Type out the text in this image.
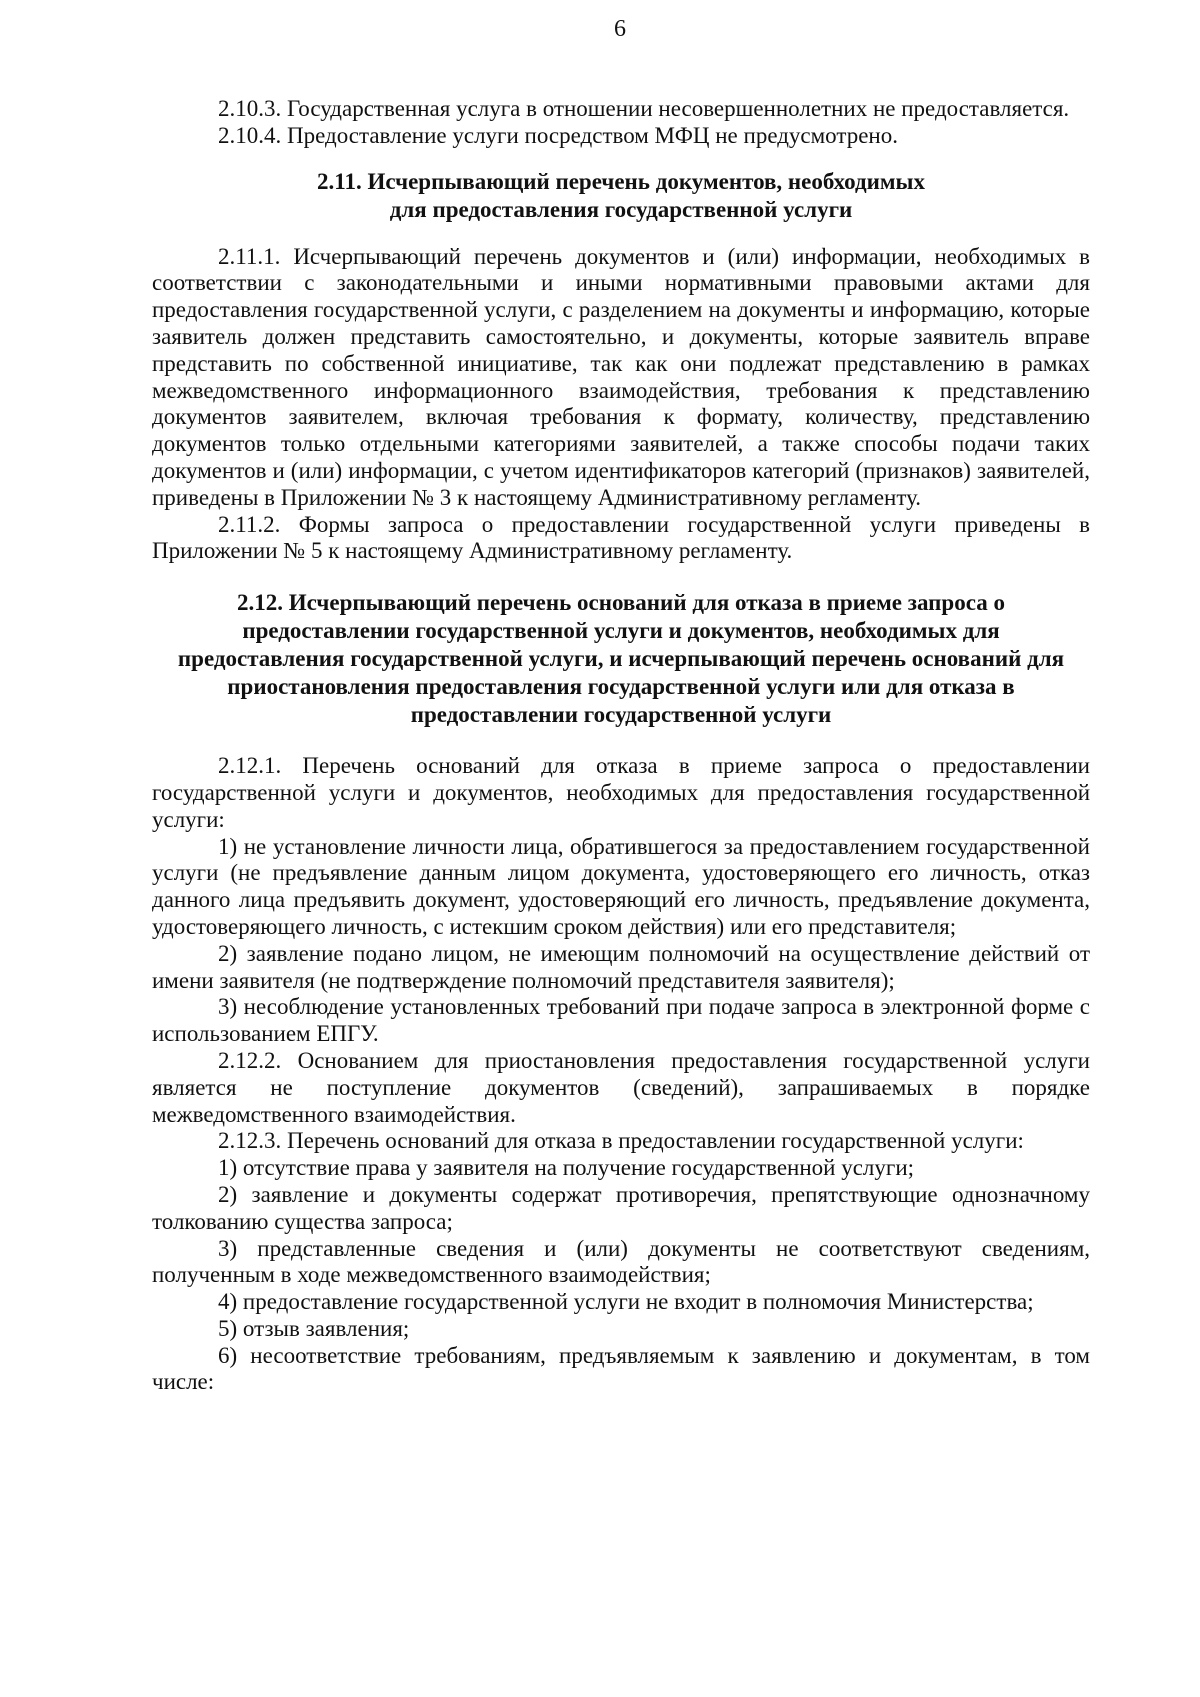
6

2.10.3. Государственная услуга в отношении несовершеннолетних не предоставляется.

2.10.4. Предоставление услуги посредством МФЦ не предусмотрено.

2.11. Исчерпывающий перечень документов, необходимых
для предоставления государственной услуги

2.11.1. Исчерпывающий перечень документов и (или) информации, необходимых в соответствии с законодательными и иными нормативными правовыми актами для предоставления государственной услуги, с разделением на документы и информацию, которые заявитель должен представить самостоятельно, и документы, которые заявитель вправе представить по собственной инициативе, так как они подлежат представлению в рамках межведомственного информационного взаимодействия, требования к представлению документов заявителем, включая требования к формату, количеству, представлению документов только отдельными категориями заявителей, а также способы подачи таких документов и (или) информации, с учетом идентификаторов категорий (признаков) заявителей, приведены в Приложении № 3 к настоящему Административному регламенту.

2.11.2. Формы запроса о предоставлении государственной услуги приведены в Приложении № 5 к настоящему Административному регламенту.

2.12. Исчерпывающий перечень оснований для отказа в приеме запроса о
предоставлении государственной услуги и документов, необходимых для
предоставления государственной услуги, и исчерпывающий перечень оснований для
приостановления предоставления государственной услуги или для отказа в
предоставлении государственной услуги

2.12.1. Перечень оснований для отказа в приеме запроса о предоставлении государственной услуги и документов, необходимых для предоставления государственной услуги:

1) не установление личности лица, обратившегося за предоставлением государственной услуги (не предъявление данным лицом документа, удостоверяющего его личность, отказ данного лица предъявить документ, удостоверяющий его личность, предъявление документа, удостоверяющего личность, с истекшим сроком действия) или его представителя;

2) заявление подано лицом, не имеющим полномочий на осуществление действий от имени заявителя (не подтверждение полномочий представителя заявителя);

3) несоблюдение установленных требований при подаче запроса в электронной форме с использованием ЕПГУ.

2.12.2. Основанием для приостановления предоставления государственной услуги является не поступление документов (сведений), запрашиваемых в порядке межведомственного взаимодействия.

2.12.3. Перечень оснований для отказа в предоставлении государственной услуги:

1) отсутствие права у заявителя на получение государственной услуги;

2) заявление и документы содержат противоречия, препятствующие однозначному толкованию существа запроса;

3) представленные сведения и (или) документы не соответствуют сведениям, полученным в ходе межведомственного взаимодействия;

4) предоставление государственной услуги не входит в полномочия Министерства;

5) отзыв заявления;

6) несоответствие требованиям, предъявляемым к заявлению и документам, в том числе:
